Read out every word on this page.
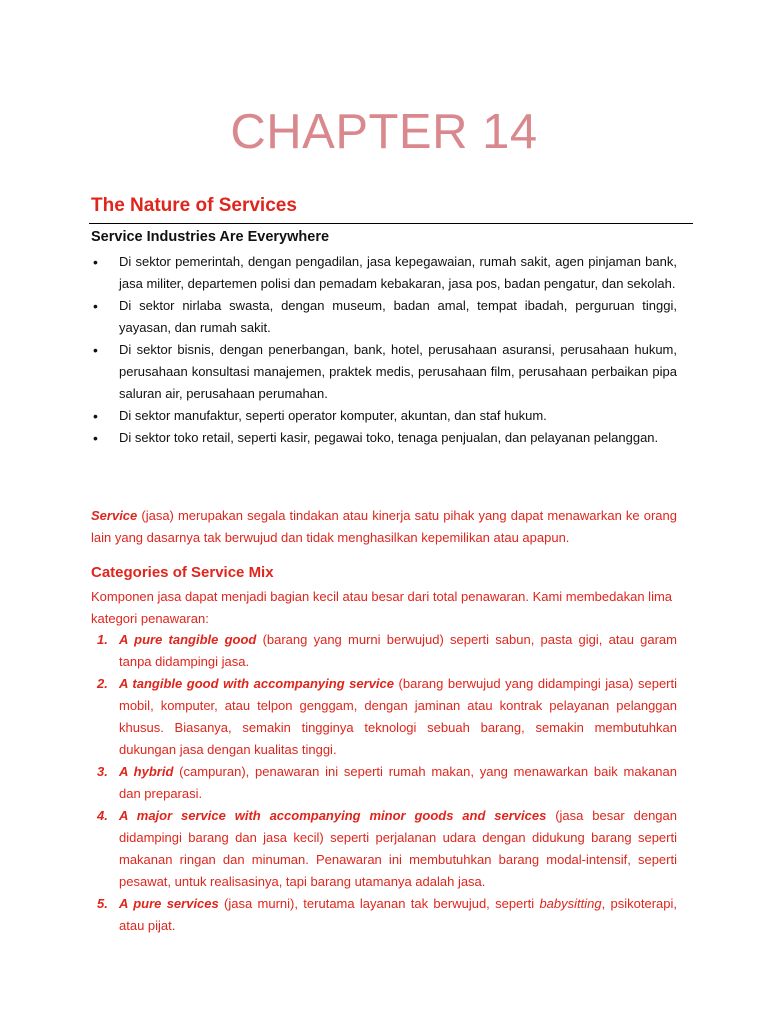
CHAPTER 14
The Nature of Services
Service Industries Are Everywhere
• Di sektor pemerintah, dengan pengadilan, jasa kepegawaian, rumah sakit, agen pinjaman bank, jasa militer, departemen polisi dan pemadam kebakaran, jasa pos, badan pengatur, dan sekolah.
• Di sektor nirlaba swasta, dengan museum, badan amal, tempat ibadah, perguruan tinggi, yayasan, dan rumah sakit.
• Di sektor bisnis, dengan penerbangan, bank, hotel, perusahaan asuransi, perusahaan hukum, perusahaan konsultasi manajemen, praktek medis, perusahaan film, perusahaan perbaikan pipa saluran air, perusahaan perumahan.
• Di sektor manufaktur, seperti operator komputer, akuntan, dan staf hukum.
• Di sektor toko retail, seperti kasir, pegawai toko, tenaga penjualan, dan pelayanan pelanggan.
Service (jasa) merupakan segala tindakan atau kinerja satu pihak yang dapat menawarkan ke orang lain yang dasarnya tak berwujud dan tidak menghasilkan kepemilikan atau apapun.
Categories of Service Mix
Komponen jasa dapat menjadi bagian kecil atau besar dari total penawaran. Kami membedakan lima kategori penawaran:
1. A pure tangible good (barang yang murni berwujud) seperti sabun, pasta gigi, atau garam tanpa didampingi jasa.
2. A tangible good with accompanying service (barang berwujud yang didampingi jasa) seperti mobil, komputer, atau telpon genggam, dengan jaminan atau kontrak pelayanan pelanggan khusus. Biasanya, semakin tingginya teknologi sebuah barang, semakin membutuhkan dukungan jasa dengan kualitas tinggi.
3. A hybrid (campuran), penawaran ini seperti rumah makan, yang menawarkan baik makanan dan preparasi.
4. A major service with accompanying minor goods and services (jasa besar dengan didampingi barang dan jasa kecil) seperti perjalanan udara dengan didukung barang seperti makanan ringan dan minuman. Penawaran ini membutuhkan barang modal-intensif, seperti pesawat, untuk realisasinya, tapi barang utamanya adalah jasa.
5. A pure services (jasa murni), terutama layanan tak berwujud, seperti babysitting, psikoterapi, atau pijat.
